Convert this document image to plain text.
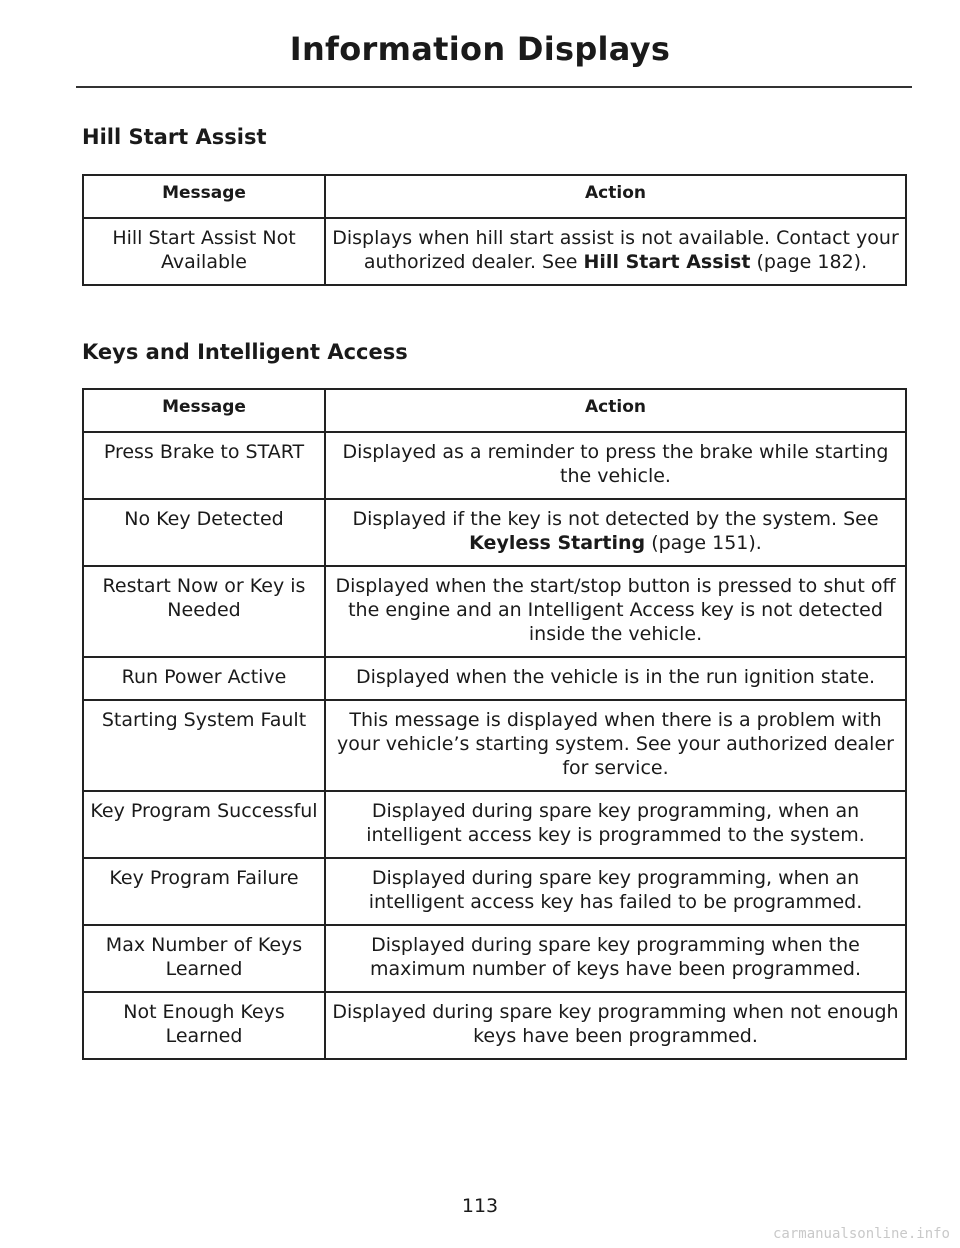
Information Displays
Hill Start Assist
Message	Action
Hill Start Assist Not Available	Displays when hill start assist is not available. Contact your authorized dealer. See Hill Start Assist (page 182).
Keys and Intelligent Access
Message	Action
Press Brake to START	Displayed as a reminder to press the brake while starting the vehicle.
No Key Detected	Displayed if the key is not detected by the system. See Keyless Starting (page 151).
Restart Now or Key is Needed	Displayed when the start/stop button is pressed to shut off the engine and an Intelligent Access key is not detected inside the vehicle.
Run Power Active	Displayed when the vehicle is in the run ignition state.
Starting System Fault	This message is displayed when there is a problem with your vehicle’s starting system. See your authorized dealer for service.
Key Program Successful	Displayed during spare key programming, when an intelligent access key is programmed to the system.
Key Program Failure	Displayed during spare key programming, when an intelligent access key has failed to be programmed.
Max Number of Keys Learned	Displayed during spare key programming when the maximum number of keys have been programmed.
Not Enough Keys Learned	Displayed during spare key programming when not enough keys have been programmed.
113
carmanualsonline.info
